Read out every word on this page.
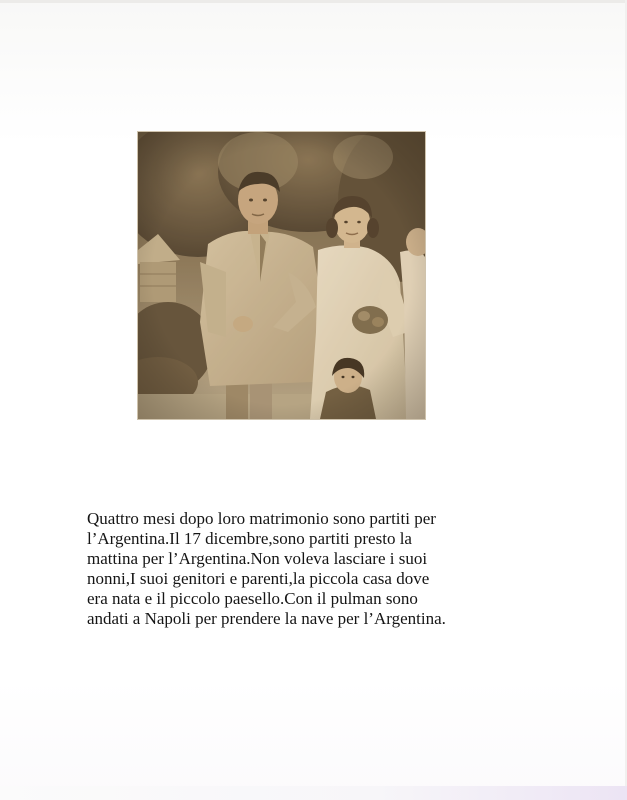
Quattro mesi dopo loro matrimonio sono partiti per
l’Argentina.Il 17 dicembre,sono partiti presto la
mattina per l’Argentina.Non voleva lasciare i suoi
nonni,I suoi genitori e parenti,la piccola casa dove
era nata e il piccolo paesello.Con il pulman sono
andati a Napoli per prendere la nave per l’Argentina.
